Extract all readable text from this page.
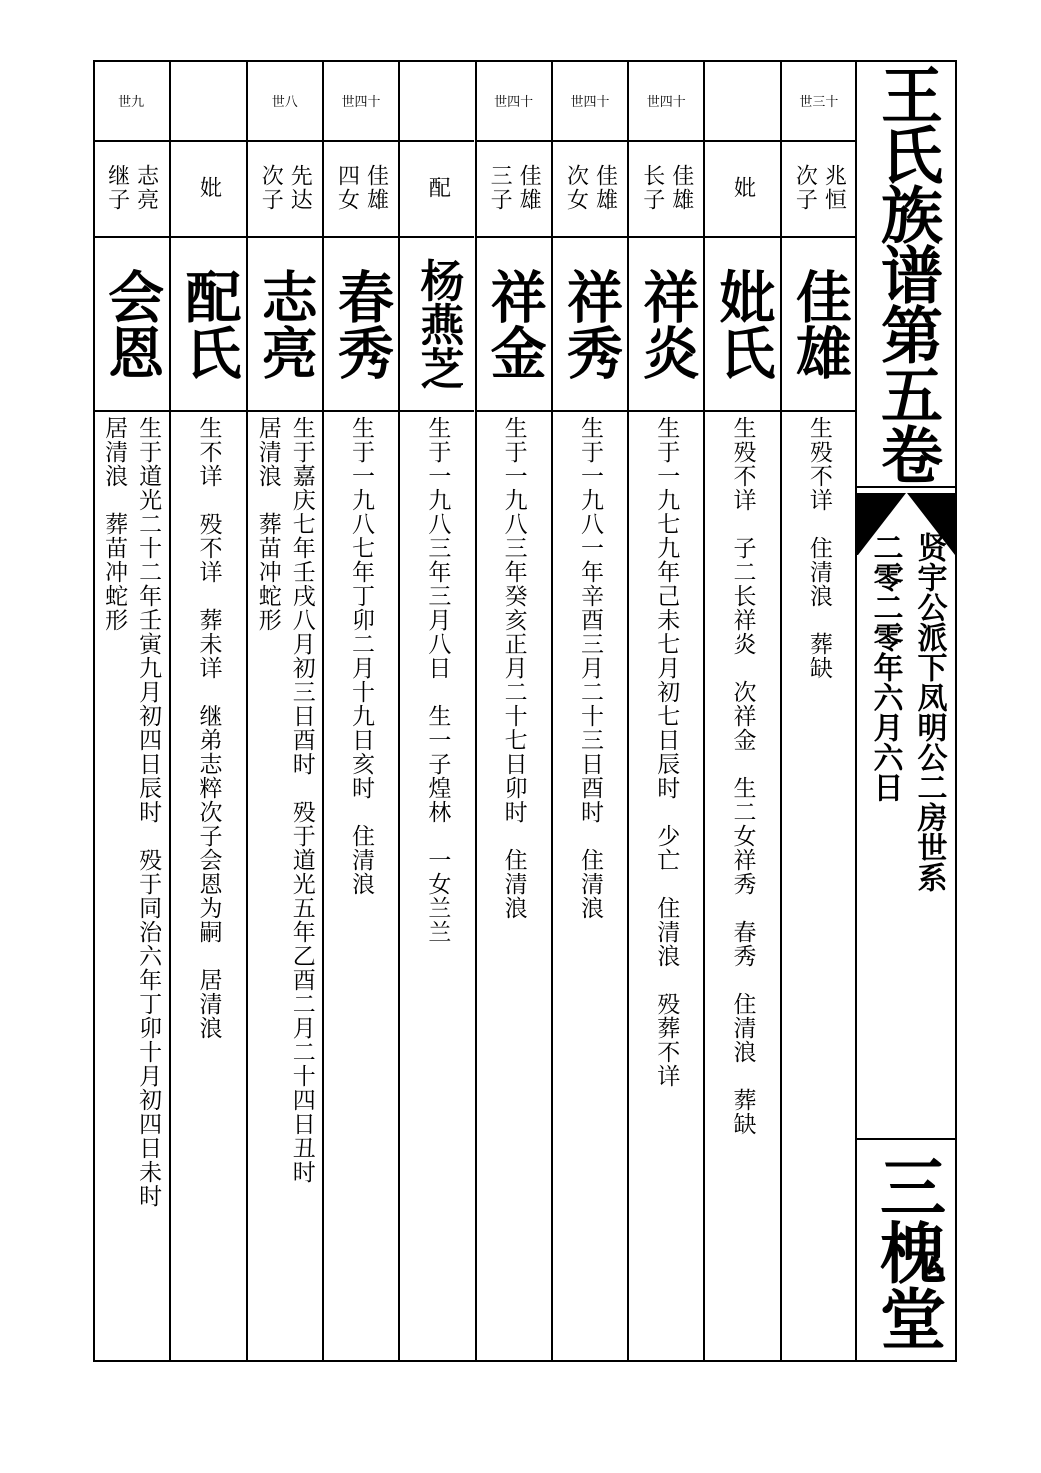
世三十
兆恒
次子
佳雄
生殁不详　住清浪　葬缺
妣
妣氏
生殁不详　子二长祥炎　次祥金　生二女祥秀　春秀　住清浪　葬缺
世四十
佳雄
长子
祥炎
生于一九七九年己未七月初七日辰时　少亡　住清浪　殁葬不详
世四十
佳雄
次女
祥秀
生于一九八一年辛酉三月二十三日酉时　住清浪
世四十
佳雄
三子
祥金
生于一九八三年癸亥正月二十七日卯时　住清浪
配
杨燕芝
生于一九八三年三月八日　生一子煌林　一女兰兰
世四十
佳雄
四女
春秀
生于一九八七年丁卯二月十九日亥时　住清浪
世八
先达
次子
志亮
生于嘉庆七年壬戌八月初三日酉时　殁于道光五年乙酉二月二十四日丑时
居清浪　葬苗冲蛇形
妣
配氏
生不详　殁不详　葬未详　继弟志粹次子会恩为嗣　居清浪
世九
志亮
继子
会恩
生于道光二十二年壬寅九月初四日辰时　殁于同治六年丁卯十月初四日未时
居清浪　葬苗冲蛇形
王氏族谱第五卷
贤宇公派下凤明公二房世系
二零二零年六月六日
三槐堂
